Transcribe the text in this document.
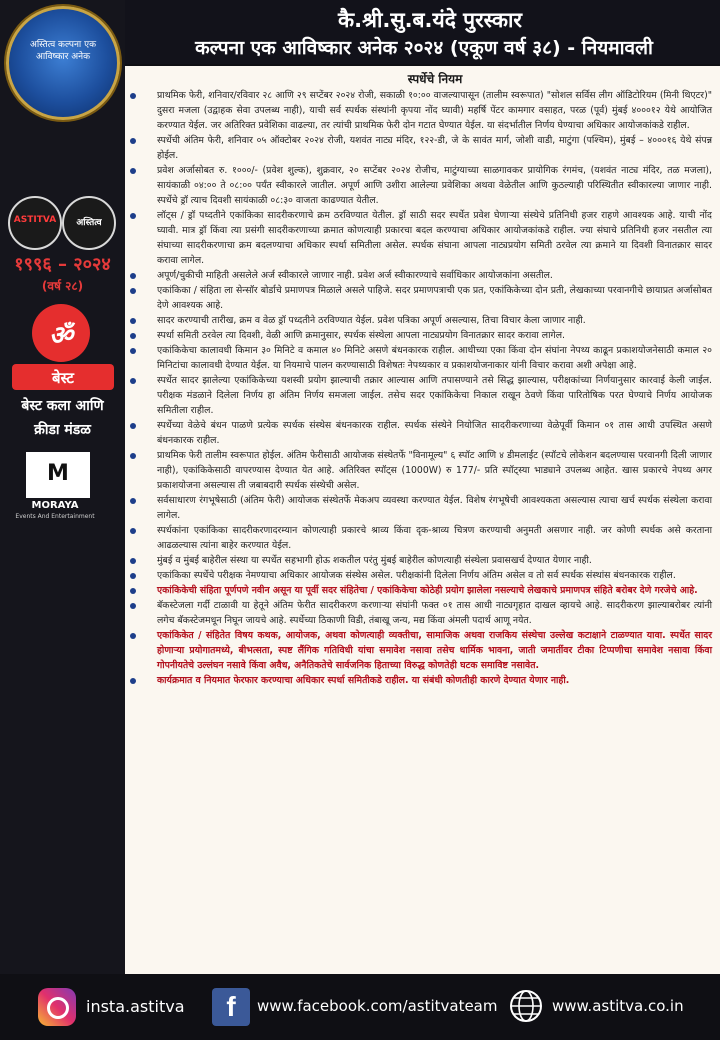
कै.श्री.सु.ब.यंदे पुरस्कार
कल्पना एक आविष्कार अनेक २०२४ (एकूण वर्ष ३८) - नियमावली
अस्तित्व कल्पना एक आविष्कार अनेक
ASTITVA	अस्तित्व
१९९६ – २०२४
(वर्ष २८)
ॐ
बेस्ट
बेस्ट कला आणि
क्रीडा मंडळ
M
MORAYA
Events And Entertainment
स्पर्धेचे नियम
प्राथमिक फेरी, शनिवार/रविवार २८ आणि २९ सप्टेंबर २०२४ रोजी, सकाळी १०:०० वाजल्यापासून (तालीम स्वरूपात) "सोशल सर्विस लीग ऑडिटोरियम (मिनी थिएटर)" दुसरा मजला (उद्वाहक सेवा उपलब्ध नाही), याची सर्व स्पर्धक संस्थांनी कृपया नोंद घ्यावी) महर्षि पेंटर कामगार वसाहत, परळ (पूर्व) मुंबई ४०००१२ येथे आयोजित करण्यात येईल. जर अतिरिक्त प्रवेशिका वाढल्या, तर त्यांची प्राथमिक फेरी दोन गटात घेण्यात येईल. या संदर्भातील निर्णय घेण्याचा अधिकार आयोजकांकडे राहील.
स्पर्धेची अंतिम फेरी, शनिवार ०५ ऑक्टोबर २०२४ रोजी, यशवंत नाट्य मंदिर, १२२-डी, जे के सावंत मार्ग, जोशी वाडी, माटुंगा (पश्चिम), मुंबई – ४०००१६ येथे संपन्न होईल.
प्रवेश अर्जासोबत रु. १०००/- (प्रवेश शुल्क), शुक्रवार, २० सप्टेंबर २०२४ रोजीच, माटुंग्याच्या साळगावकर प्रायोगिक रंगमंच, (यशवंत नाट्य मंदिर, तळ मजला), सायंकाळी ०४:०० ते ०८:०० पर्यंत स्वीकारले जातील. अपूर्ण आणि उशीरा आलेल्या प्रवेशिका अथवा वेळेतील आणि कुठल्याही परिस्थितीत स्वीकारल्या जाणार नाही. स्पर्धेचे ड्रॉ त्याच दिवशी सायंकाळी ०८:३० वाजता काढण्यात येतील.
लॉट्स / ड्रॉ पध्दतीने एकांकिका सादरीकरणाचे क्रम ठरविण्यात येतील. ड्रॉ साठी सदर स्पर्धेत प्रवेश घेणाऱ्या संस्थेचे प्रतिनिधी हजर राहणे आवश्यक आहे. याची नोंद घ्यावी. मात्र ड्रॉ किंवा त्या प्रसंगी सादरीकरणाच्या क्रमात कोणत्याही प्रकारचा बदल करण्याचा अधिकार आयोजकांकडे राहील. ज्या संघाचे प्रतिनिधी हजर नसतील त्या संघाच्या सादरीकरणाचा क्रम बदलण्याचा अधिकार स्पर्धा समितीला असेल. स्पर्धक संघाना आपला नाट्यप्रयोग समिती ठरवेल त्या क्रमाने या दिवशी विनातक्रार सादर करावा लागेल.
अपूर्ण/चुकीची माहिती असलेले अर्ज स्वीकारले जाणार नाही. प्रवेश अर्ज स्वीकारण्याचे सर्वाधिकार आयोजकांना असतील.
एकांकिका / संहिता ला सेन्सॉर बोर्डाचे प्रमाणपत्र मिळाले असले पाहिजे. सदर प्रमाणपत्राची एक प्रत, एकांकिकेच्या दोन प्रती, लेखकाच्या परवानगीचे छायाप्रत अर्जासोबत देणे आवश्यक आहे.
सादर करण्याची तारीख, क्रम व वेळ ड्रॉ पध्दतीने ठरविण्यात येईल. प्रवेश पत्रिका अपूर्ण असल्यास, तिचा विचार केला जाणार नाही.
स्पर्धा समिती ठरवेल त्या दिवशी, वेळी आणि क्रमानुसार, स्पर्धक संस्थेला आपला नाट्यप्रयोग विनातक्रार सादर करावा लागेल.
एकांकिकेचा कालावधी किमान ३० मिनिटे व कमाल ४० मिनिटे असणे बंधनकारक राहील. आधीच्या एका किंवा दोन संघांना नेपथ्य काढून प्रकाशयोजनेसाठी कमाल २० मिनिटांचा कालावधी देण्यात येईल. या नियमाचे पालन करण्यासाठी विशेषतः नेपथ्यकार व प्रकाशयोजनाकार यांनी विचार करावा अशी अपेक्षा आहे.
स्पर्धेत सादर झालेल्या एकांकिकेच्या यशस्वी प्रयोग झाल्याची तक्रार आल्यास आणि तपासण्याने तसे सिद्ध झाल्यास, परीक्षकांच्या निर्णयानुसार कारवाई केली जाईल. परीक्षक मंडळाने दिलेला निर्णय हा अंतिम निर्णय समजला जाईल. तसेच सदर एकांकिकेचा निकाल राखून ठेवणे किंवा पारितोषिक परत घेण्याचे निर्णय आयोजक समितीला राहील.
स्पर्धेच्या वेळेचे बंधन पाळणे प्रत्येक स्पर्धक संस्थेस बंधनकारक राहील. स्पर्धक संस्थेने नियोजित सादरीकरणाच्या वेळेपूर्वी किमान ०१ तास आधी उपस्थित असणे बंधनकारक राहील.
प्राथमिक फेरी तालीम स्वरूपात होईल. अंतिम फेरीसाठी आयोजक संस्थेतर्फे "विनामूल्य" ६ स्पॉट आणि ४ डीमलाईट (स्पॉटचे लोकेशन बदलण्यास परवानगी दिली जाणार नाही), एकांकिकेसाठी वापरण्यास देण्यात येत आहे. अतिरिक्त स्पॉट्स (1000W) रु 177/- प्रति स्पॉट्स्या भाड्याने उपलब्ध आहेत. खास प्रकारचे नेपथ्य अगर प्रकाशयोजना असल्यास ती जबाबदारी स्पर्धक संस्थेची असेल.
सर्वसाधारण रंगभूषेसाठी (अंतिम फेरी) आयोजक संस्थेतर्फे मेकअप व्यवस्था करण्यात येईल. विशेष रंगभूषेची आवश्यकता असल्यास त्याचा खर्च स्पर्धक संस्थेला करावा लागेल.
स्पर्धकांना एकांकिका सादरीकरणादरम्यान कोणत्याही प्रकारचे श्राव्य किंवा दृक-श्राव्य चित्रण करण्याची अनुमती असणार नाही. जर कोणी स्पर्धक असे करताना आढळल्यास त्यांना बाहेर करण्यात येईल.
मुंबई व मुंबई बाहेरील संस्था या स्पर्धेत सहभागी होऊ शकतील परंतु मुंबई बाहेरील कोणत्याही संस्थेला प्रवासखर्च देण्यात येणार नाही.
एकांकिका स्पर्धेचे परीक्षक नेमण्याचा अधिकार आयोजक संस्थेस असेल. परीक्षकांनी दिलेला निर्णय अंतिम असेल व तो सर्व स्पर्धक संस्थांस बंधनकारक राहील.
एकांकिकेची संहिता पूर्णपणे नवीन असून या पूर्वी सदर संहितेचा / एकांकिकेचा कोठेही प्रयोग झालेला नसल्याचे लेखकाचे प्रमाणपत्र संहिते बरोबर देणे गरजेचे आहे.
बॅकस्टेजला गर्दी टाळावी या हेतूने अंतिम फेरीत सादरीकरण करणाऱ्या संघांनी फक्त ०१ तास आधी नाट्यगृहात दाखल व्हायचे आहे. सादरीकरण झाल्याबरोबर त्यांनी लगेच बॅकस्टेजमधून निघून जायचे आहे. स्पर्धेच्या ठिकाणी विडी, तंबाखू जन्य, मद्य किंवा अंमली पदार्थ आणू नयेत.
एकांकिकेत / संहितेत विषय कथक, आयोजक, अथवा कोणत्याही व्यक्तीचा, सामाजिक अथवा राजकिय संस्थेचा उल्लेख कटाक्षाने टाळण्यात यावा. स्पर्धेत सादर होणाऱ्या प्रयोगातमध्ये, बीभत्सता, स्पष्ट लैंगिक गतिविधी यांचा समावेश नसावा तसेच धार्मिक भावना, जाती जमातींवर टीका टिप्पणीचा समावेश नसावा किंवा गोपनीयतेचे उल्लंघन नसावे किंवा अवैध, अनैतिकतेचे सार्वजनिक हिताच्या विरुद्ध कोणतेही घटक समाविष्ट नसावेत.
कार्यक्रमात व नियमात फेरफार करण्याचा अधिकार स्पर्धा समितीकडे राहील. या संबंधी कोणतीही कारणे देण्यात येणार नाही.
insta.astitva	f	www.facebook.com/astitvateam	www.astitva.co.in
